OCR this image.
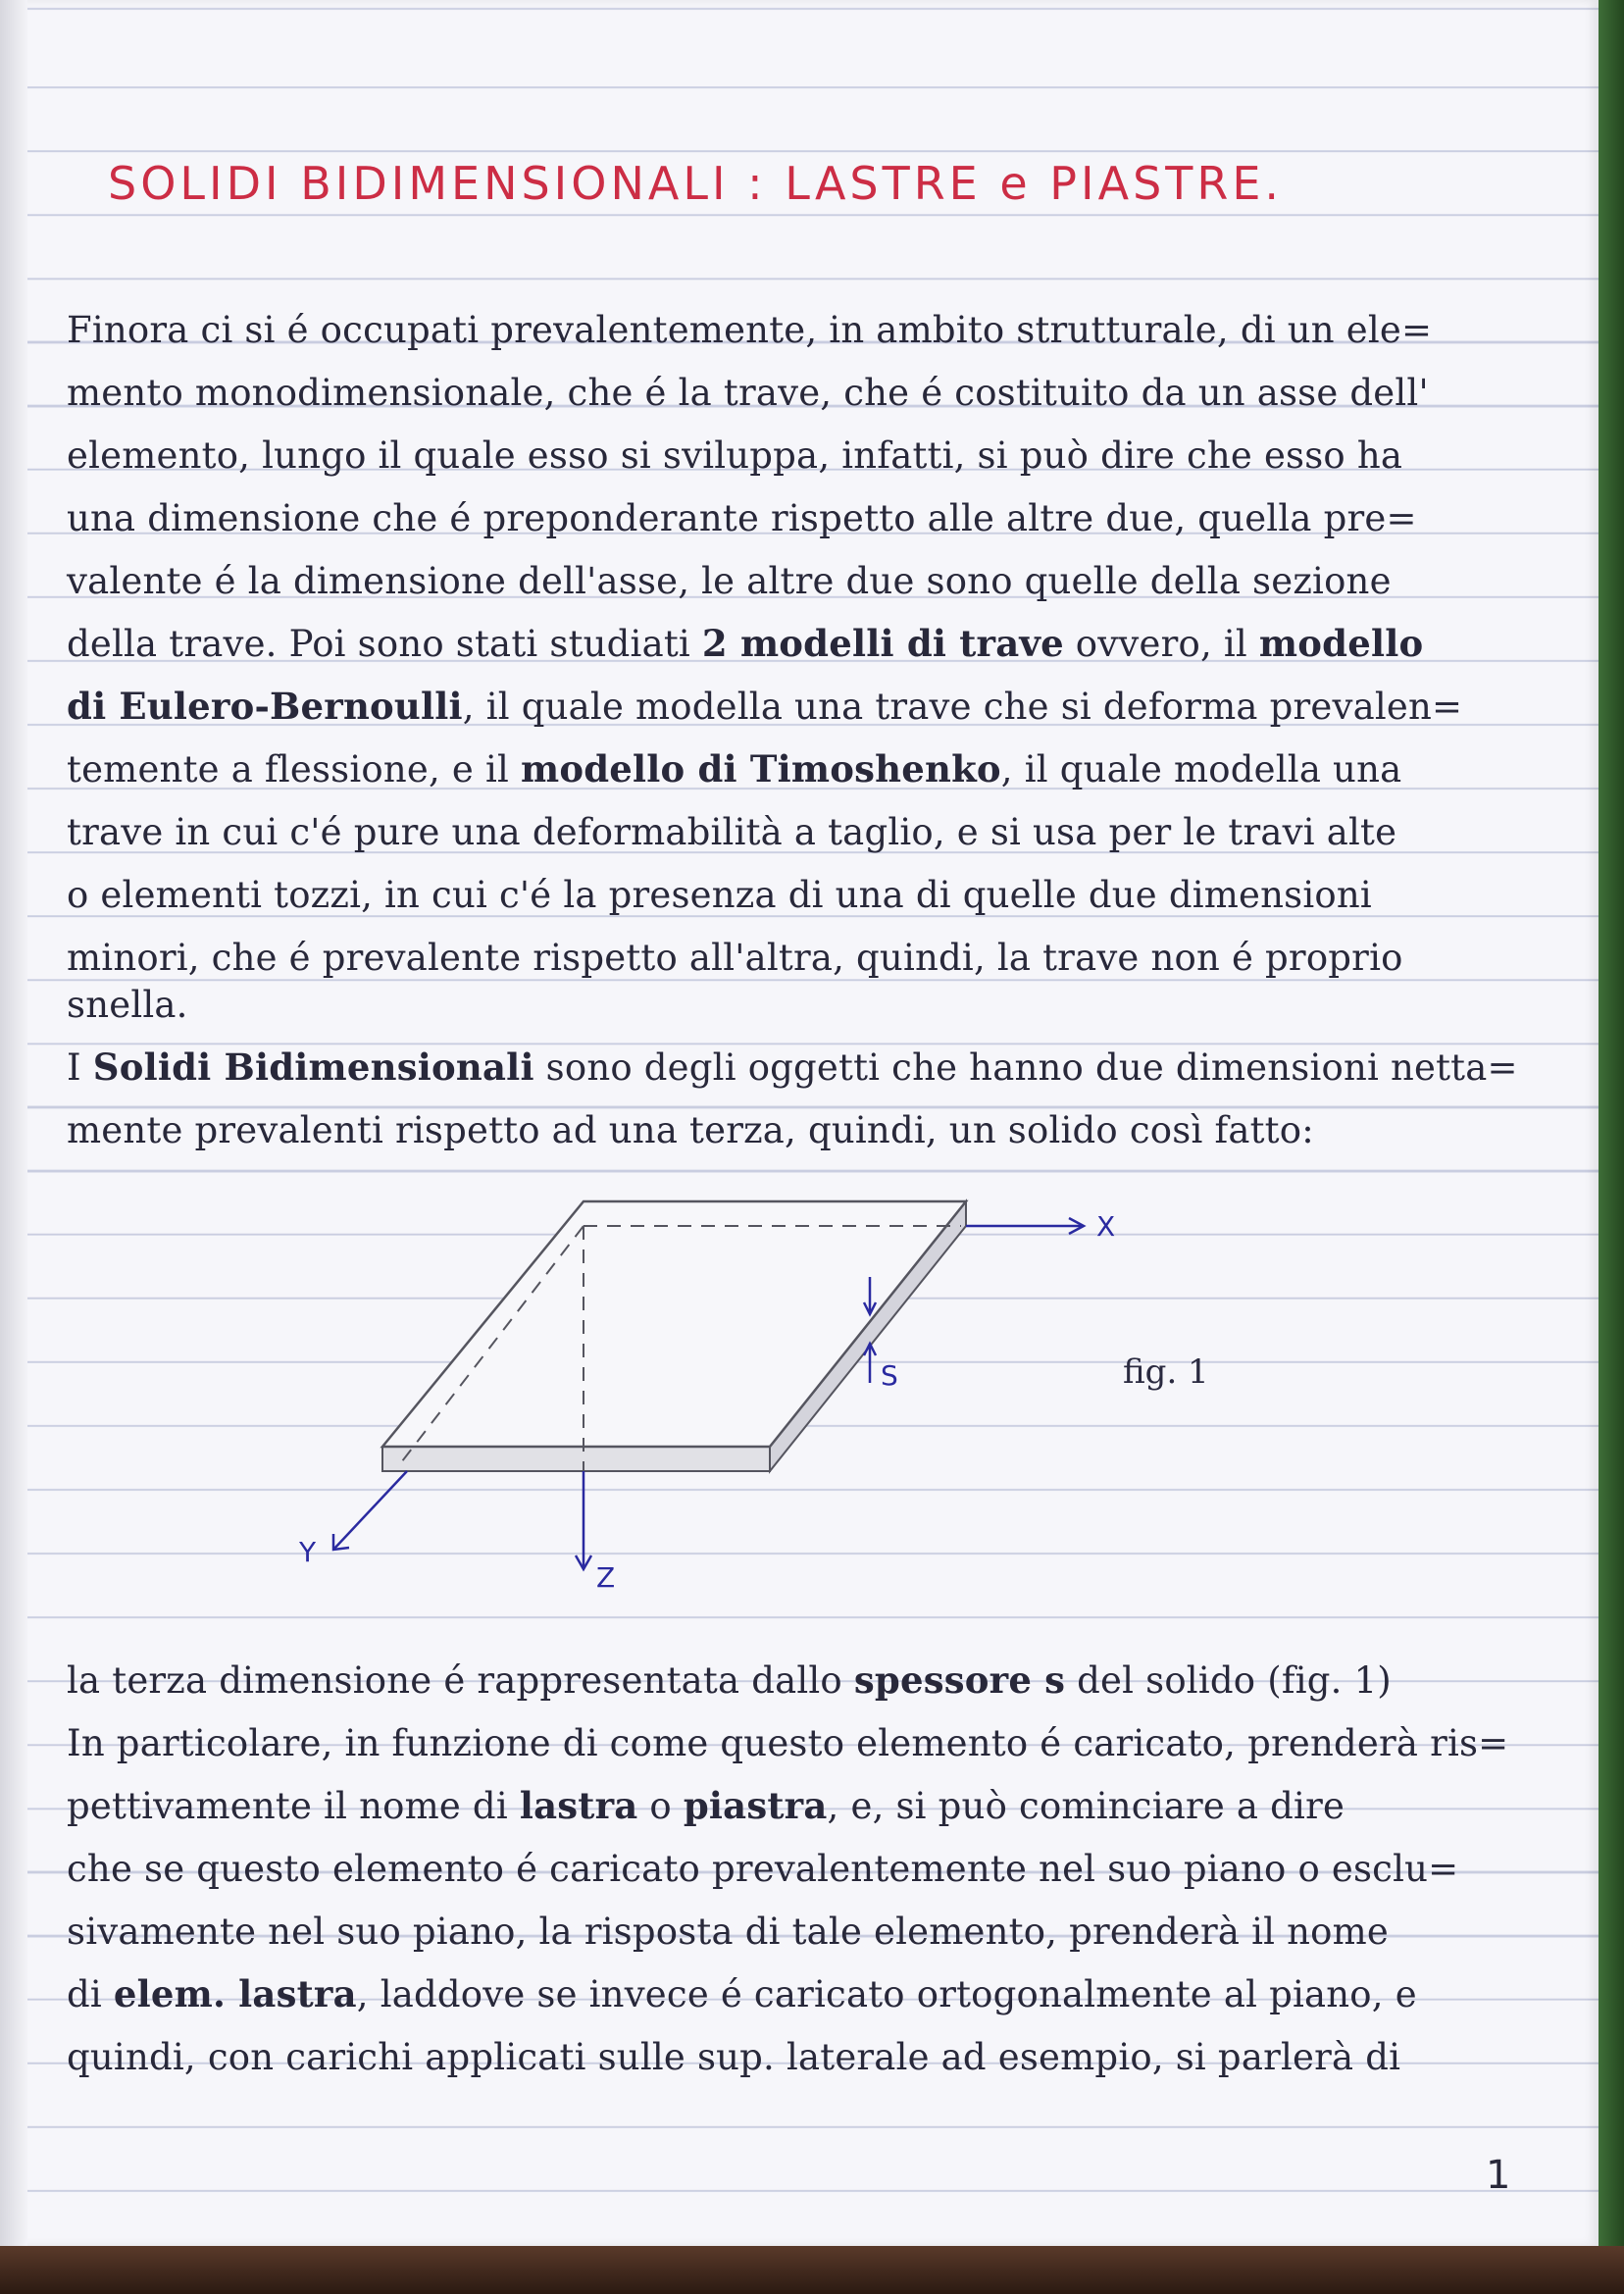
SOLIDI BIDIMENSIONALI : LASTRE e PIASTRE.

Finora ci si é occupati prevalentemente, in ambito strutturale, di un ele=

mento monodimensionale, che é la trave, che é costituito da un asse dell'

elemento, lungo il quale esso si sviluppa, infatti, si può dire che esso ha

una dimensione che é preponderante rispetto alle altre due, quella pre=

valente é la dimensione dell'asse, le altre due sono quelle della sezione

della trave. Poi sono stati studiati 2 modelli di trave ovvero, il modello

di Eulero-Bernoulli, il quale modella una trave che si deforma prevalen=

temente a flessione, e il modello di Timoshenko, il quale modella una

trave in cui c'é pure una deformabilità a taglio, e si usa per le travi alte

o elementi tozzi, in cui c'é la presenza di una di quelle due dimensioni

minori, che é prevalente rispetto all'altra, quindi, la trave non é proprio

snella.

I Solidi Bidimensionali sono degli oggetti che hanno due dimensioni netta=

mente prevalenti rispetto ad una terza, quindi, un solido così fatto:

X
Y
Z
S	fig. 1

la terza dimensione é rappresentata dallo spessore s del solido (fig. 1)

In particolare, in funzione di come questo elemento é caricato, prenderà ris=

pettivamente il nome di lastra o piastra, e, si può cominciare a dire

che se questo elemento é caricato prevalentemente nel suo piano o esclu=

sivamente nel suo piano, la risposta di tale elemento, prenderà il nome

di elem. lastra, laddove se invece é caricato ortogonalmente al piano, e

quindi, con carichi applicati sulle sup. laterale ad esempio, si parlerà di

1
